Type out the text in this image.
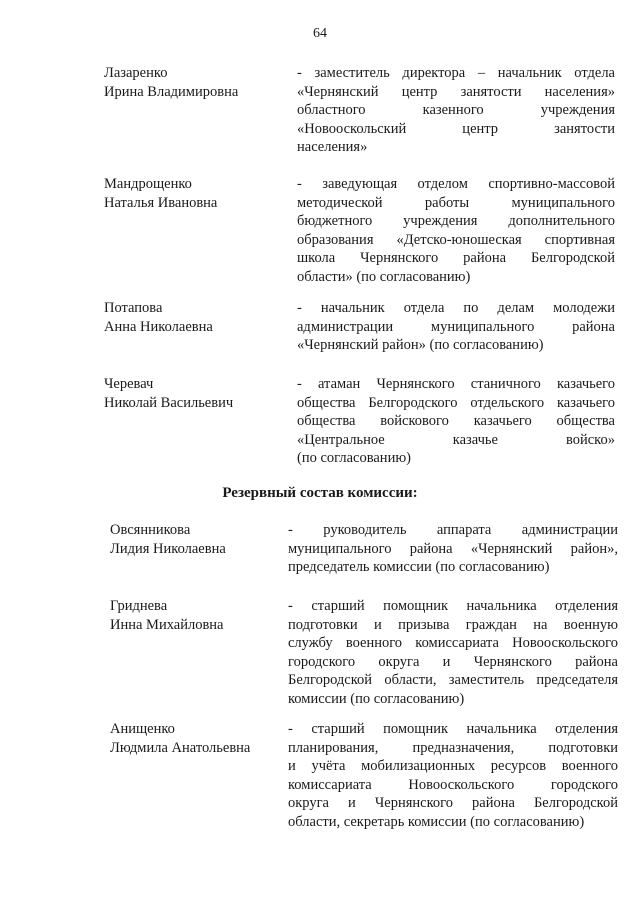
64
Лазаренко
Ирина Владимировна
- заместитель директора – начальник отдела
«Чернянский центр занятости населения»
областного казенного учреждения
«Новооскольский центр занятости
населения»
Мандрощенко
Наталья Ивановна
- заведующая отделом спортивно-массовой
методической работы муниципального
бюджетного учреждения дополнительного
образования «Детско-юношеская спортивная
школа Чернянского района Белгородской
области» (по согласованию)
Потапова
Анна Николаевна
- начальник отдела по делам молодежи
администрации муниципального района
«Чернянский район» (по согласованию)
Черевач
Николай Васильевич
- атаман Чернянского станичного казачьего
общества Белгородского отдельского казачьего
общества войскового казачьего общества
«Центральное казачье войско»
(по согласованию)
Резервный состав комиссии:
Овсянникова
Лидия Николаевна
- руководитель аппарата администрации
муниципального района «Чернянский район»,
председатель комиссии (по согласованию)
Гриднева
Инна Михайловна
- старший помощник начальника отделения
подготовки и призыва граждан на военную
службу военного комиссариата Новооскольского
городского округа и Чернянского района
Белгородской области, заместитель председателя
комиссии (по согласованию)
Анищенко
Людмила Анатольевна
- старший помощник начальника отделения
планирования, предназначения, подготовки
и учёта мобилизационных ресурсов военного
комиссариата Новооскольского городского
округа и Чернянского района Белгородской
области, секретарь комиссии (по согласованию)
